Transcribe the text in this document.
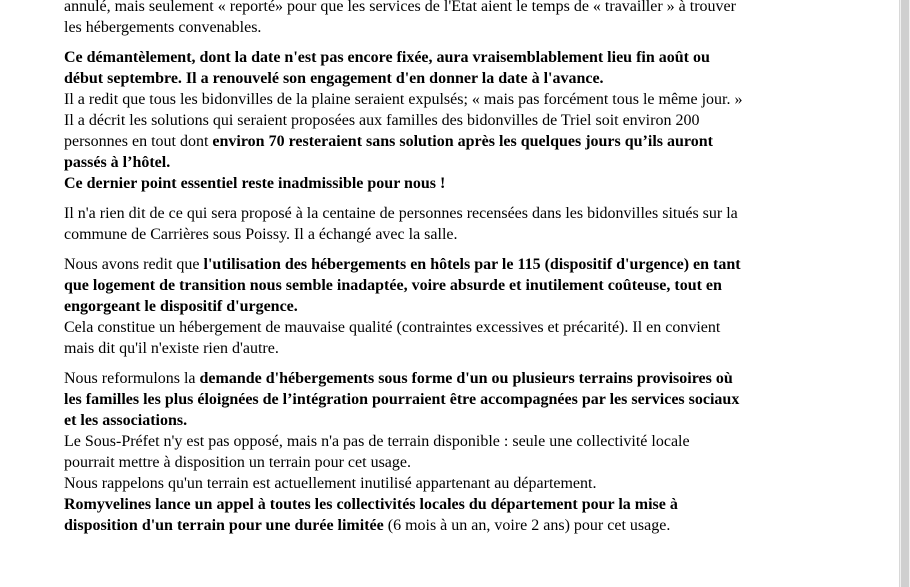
annulé, mais seulement « reporté» pour que les services de l'Etat aient le temps de « travailler » à trouver
les hébergements convenables.

Ce démantèlement, dont la date n'est pas encore fixée, aura vraisemblablement lieu fin août ou
début septembre. Il a renouvelé son engagement d'en donner la date à l'avance.
Il a redit que tous les bidonvilles de la plaine seraient expulsés; « mais pas forcément tous le même jour. »
Il a décrit les solutions qui seraient proposées aux familles des bidonvilles de Triel soit environ 200
personnes en tout dont environ 70 resteraient sans solution après les quelques jours qu’ils auront
passés à l’hôtel.
Ce dernier point essentiel reste inadmissible pour nous !

Il n'a rien dit de ce qui sera proposé à la centaine de personnes recensées dans les bidonvilles situés sur la
commune de Carrières sous Poissy. Il a échangé avec la salle.

Nous avons redit que l'utilisation des hébergements en hôtels par le 115 (dispositif d'urgence) en tant
que logement de transition nous semble inadaptée, voire absurde et inutilement coûteuse, tout en
engorgeant le dispositif d'urgence.
Cela constitue un hébergement de mauvaise qualité (contraintes excessives et précarité). Il en convient
mais dit qu'il n'existe rien d'autre.

Nous reformulons la demande d'hébergements sous forme d'un ou plusieurs terrains provisoires où
les familles les plus éloignées de l’intégration pourraient être accompagnées par les services sociaux
et les associations.
Le Sous-Préfet n'y est pas opposé, mais n'a pas de terrain disponible : seule une collectivité locale
pourrait mettre à disposition un terrain pour cet usage.
Nous rappelons qu'un terrain est actuellement inutilisé appartenant au département.
Romyvelines lance un appel à toutes les collectivités locales du département pour la mise à
disposition d'un terrain pour une durée limitée (6 mois à un an, voire 2 ans) pour cet usage.
